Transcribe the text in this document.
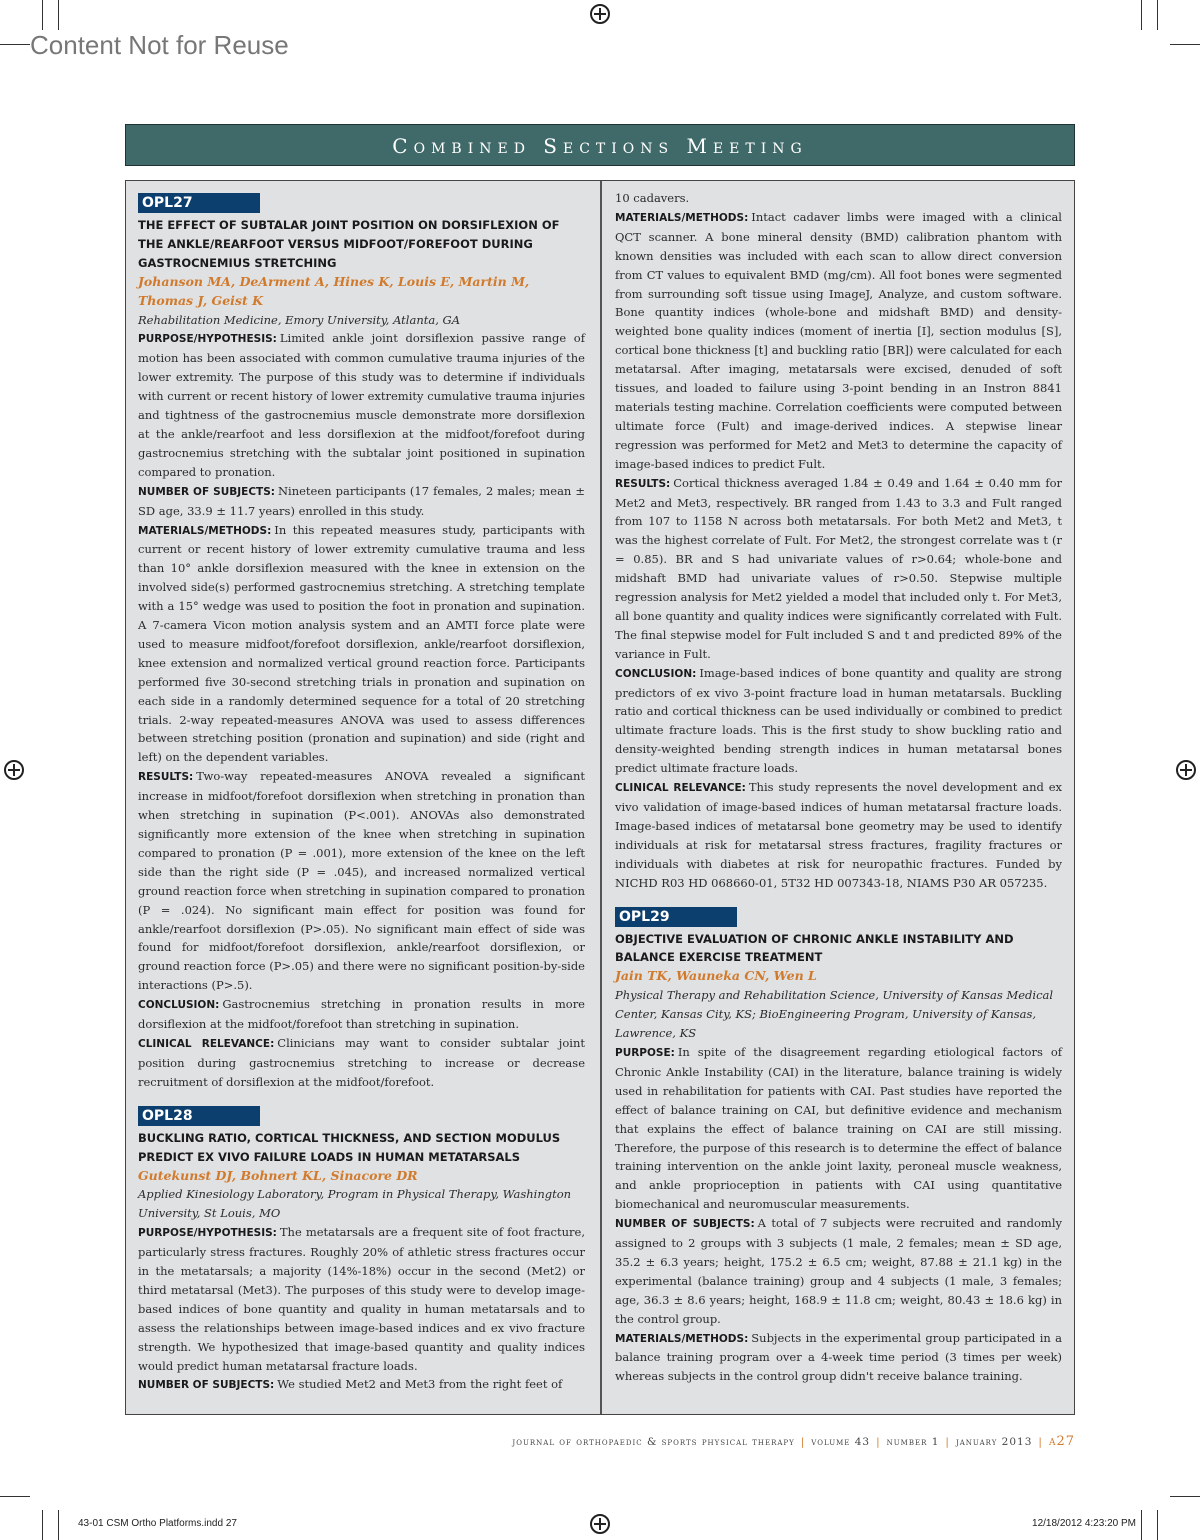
Content Not for Reuse
Combined Sections Meeting
OPL27
THE EFFECT OF SUBTALAR JOINT POSITION ON DORSIFLEXION OF THE ANKLE/REARFOOT VERSUS MIDFOOT/FOREFOOT DURING GASTROCNEMIUS STRETCHING
Johanson MA, DeArment A, Hines K, Louis E, Martin M, Thomas J, Geist K
Rehabilitation Medicine, Emory University, Atlanta, GA

PURPOSE/HYPOTHESIS: Limited ankle joint dorsiflexion passive range of motion has been associated with common cumulative trauma injuries of the lower extremity. The purpose of this study was to determine if individuals with current or recent history of lower extremity cumulative trauma injuries and tightness of the gastrocnemius muscle demonstrate more dorsiflexion at the ankle/rearfoot and less dorsiflexion at the midfoot/forefoot during gastrocnemius stretching with the subtalar joint positioned in supination compared to pronation.

NUMBER OF SUBJECTS: Nineteen participants (17 females, 2 males; mean ± SD age, 33.9 ± 11.7 years) enrolled in this study.

MATERIALS/METHODS: In this repeated measures study, participants with current or recent history of lower extremity cumulative trauma and less than 10° ankle dorsiflexion measured with the knee in extension on the involved side(s) performed gastrocnemius stretching. A stretching template with a 15° wedge was used to position the foot in pronation and supination. A 7-camera Vicon motion analysis system and an AMTI force plate were used to measure midfoot/forefoot dorsiflexion, ankle/rearfoot dorsiflexion, knee extension and normalized vertical ground reaction force. Participants performed five 30-second stretching trials in pronation and supination on each side in a randomly determined sequence for a total of 20 stretching trials. 2-way repeated-measures ANOVA was used to assess differences between stretching position (pronation and supination) and side (right and left) on the dependent variables.

RESULTS: Two-way repeated-measures ANOVA revealed a significant increase in midfoot/forefoot dorsiflexion when stretching in pronation than when stretching in supination (P<.001). ANOVAs also demonstrated significantly more extension of the knee when stretching in supination compared to pronation (P = .001), more extension of the knee on the left side than the right side (P = .045), and increased normalized vertical ground reaction force when stretching in supination compared to pronation (P = .024). No significant main effect for position was found for ankle/rearfoot dorsiflexion (P>.05). No significant main effect of side was found for midfoot/forefoot dorsiflexion, ankle/rearfoot dorsiflexion, or ground reaction force (P>.05) and there were no significant position-by-side interactions (P>.5).

CONCLUSION: Gastrocnemius stretching in pronation results in more dorsiflexion at the midfoot/forefoot than stretching in supination.

CLINICAL RELEVANCE: Clinicians may want to consider subtalar joint position during gastrocnemius stretching to increase or decrease recruitment of dorsiflexion at the midfoot/forefoot.

OPL28
BUCKLING RATIO, CORTICAL THICKNESS, AND SECTION MODULUS PREDICT EX VIVO FAILURE LOADS IN HUMAN METATARSALS
Gutekunst DJ, Bohnert KL, Sinacore DR
Applied Kinesiology Laboratory, Program in Physical Therapy, Washington University, St Louis, MO

PURPOSE/HYPOTHESIS: The metatarsals are a frequent site of foot fracture, particularly stress fractures. Roughly 20% of athletic stress fractures occur in the metatarsals; a majority (14%-18%) occur in the second (Met2) or third metatarsal (Met3). The purposes of this study were to develop image-based indices of bone quantity and quality in human metatarsals and to assess the relationships between image-based indices and ex vivo fracture strength. We hypothesized that image-based quantity and quality indices would predict human metatarsal fracture loads.

NUMBER OF SUBJECTS: We studied Met2 and Met3 from the right feet of

10 cadavers.

MATERIALS/METHODS: Intact cadaver limbs were imaged with a clinical QCT scanner. A bone mineral density (BMD) calibration phantom with known densities was included with each scan to allow direct conversion from CT values to equivalent BMD (mg/cm). All foot bones were segmented from surrounding soft tissue using ImageJ, Analyze, and custom software. Bone quantity indices (whole-bone and midshaft BMD) and density-weighted bone quality indices (moment of inertia [I], section modulus [S], cortical bone thickness [t] and buckling ratio [BR]) were calculated for each metatarsal. After imaging, metatarsals were excised, denuded of soft tissues, and loaded to failure using 3-point bending in an Instron 8841 materials testing machine. Correlation coefficients were computed between ultimate force (Fult) and image-derived indices. A stepwise linear regression was performed for Met2 and Met3 to determine the capacity of image-based indices to predict Fult.

RESULTS: Cortical thickness averaged 1.84 ± 0.49 and 1.64 ± 0.40 mm for Met2 and Met3, respectively. BR ranged from 1.43 to 3.3 and Fult ranged from 107 to 1158 N across both metatarsals. For both Met2 and Met3, t was the highest correlate of Fult. For Met2, the strongest correlate was t (r = 0.85). BR and S had univariate values of r>0.64; whole-bone and midshaft BMD had univariate values of r>0.50. Stepwise multiple regression analysis for Met2 yielded a model that included only t. For Met3, all bone quantity and quality indices were significantly correlated with Fult. The final stepwise model for Fult included S and t and predicted 89% of the variance in Fult.

CONCLUSION: Image-based indices of bone quantity and quality are strong predictors of ex vivo 3-point fracture load in human metatarsals. Buckling ratio and cortical thickness can be used individually or combined to predict ultimate fracture loads. This is the first study to show buckling ratio and density-weighted bending strength indices in human metatarsal bones predict ultimate fracture loads.

CLINICAL RELEVANCE: This study represents the novel development and ex vivo validation of image-based indices of human metatarsal fracture loads. Image-based indices of metatarsal bone geometry may be used to identify individuals at risk for metatarsal stress fractures, fragility fractures or individuals with diabetes at risk for neuropathic fractures. Funded by NICHD R03 HD 068660-01, 5T32 HD 007343-18, NIAMS P30 AR 057235.

OPL29
OBJECTIVE EVALUATION OF CHRONIC ANKLE INSTABILITY AND BALANCE EXERCISE TREATMENT
Jain TK, Wauneka CN, Wen L
Physical Therapy and Rehabilitation Science, University of Kansas Medical Center, Kansas City, KS; BioEngineering Program, University of Kansas, Lawrence, KS

PURPOSE: In spite of the disagreement regarding etiological factors of Chronic Ankle Instability (CAI) in the literature, balance training is widely used in rehabilitation for patients with CAI. Past studies have reported the effect of balance training on CAI, but definitive evidence and mechanism that explains the effect of balance training on CAI are still missing. Therefore, the purpose of this research is to determine the effect of balance training intervention on the ankle joint laxity, peroneal muscle weakness, and ankle proprioception in patients with CAI using quantitative biomechanical and neuromuscular measurements.

NUMBER OF SUBJECTS: A total of 7 subjects were recruited and randomly assigned to 2 groups with 3 subjects (1 male, 2 females; mean ± SD age, 35.2 ± 6.3 years; height, 175.2 ± 6.5 cm; weight, 87.88 ± 21.1 kg) in the experimental (balance training) group and 4 subjects (1 male, 3 females; age, 36.3 ± 8.6 years; height, 168.9 ± 11.8 cm; weight, 80.43 ± 18.6 kg) in the control group.

MATERIALS/METHODS: Subjects in the experimental group participated in a balance training program over a 4-week time period (3 times per week) whereas subjects in the control group didn't receive balance training.

journal of orthopaedic & sports physical therapy | volume 43 | number 1 | january 2013 | a27
43-01 CSM Ortho Platforms.indd 27	12/18/2012 4:23:20 PM
